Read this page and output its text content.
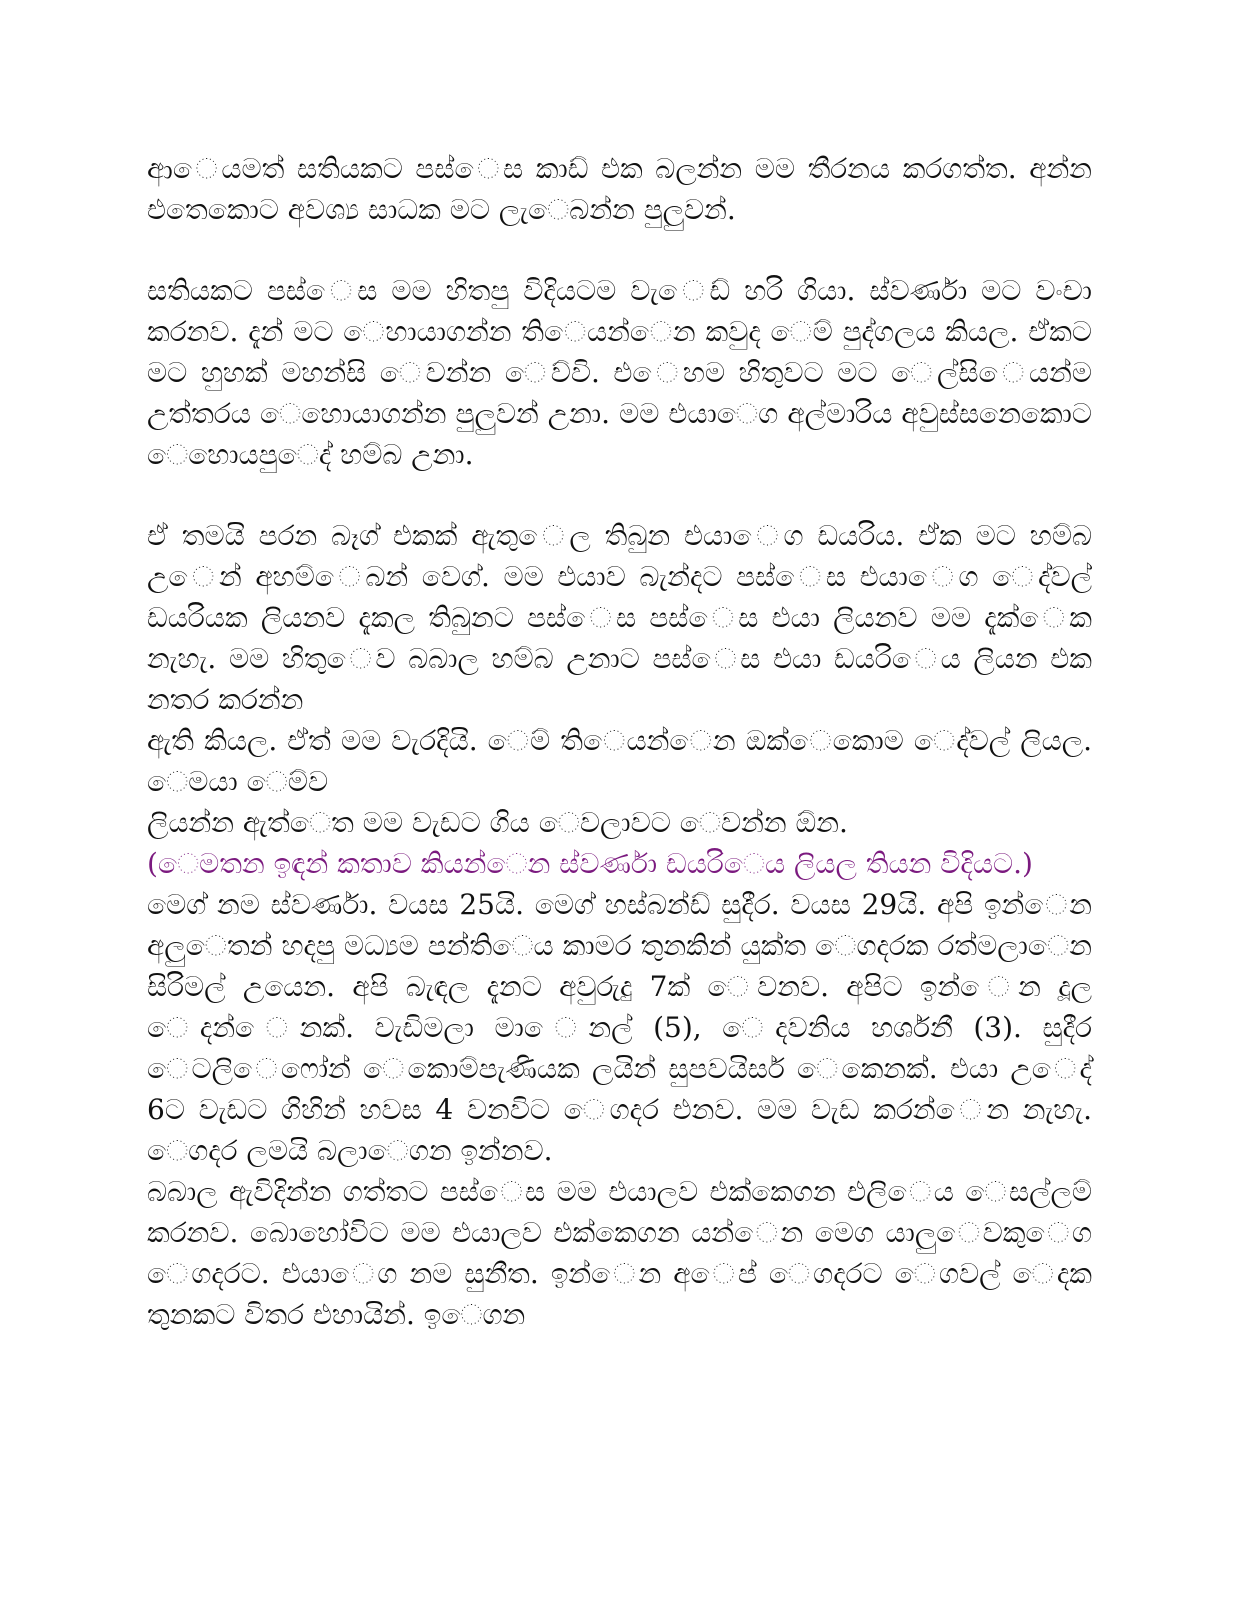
ආ◌ෙයමත් සතියකට පස්◌ෙස කාඩ් එක බලන්න මම තීරනය කරගත්ත. අන්න එතෙකොට අවශ්‍ය සාධක මට ලැ◌ෙබන්න පුලුවන්.

සතියකට පස්◌ෙස මම හිතපු විදියටම වැ◌ෙඩ් හරි ගියා. ස්වර්ණා මට වංචා කරනව. දැන් මට ◌ෙහායාගන්න ති◌ෙයන්◌ෙන කවුද ◌ෙම් පුද්ගලය කියල. ඒකට මට හුහක් මහන්සි ◌ෙවන්න ◌ෙව්වි. එ◌ෙහම හිතුවට මට ◌ෙල්සි◌ෙයන්ම උත්තරය ◌ෙහොයාගන්න පුලුවන් උනා. මම එයා◌ෙග අල්මාරිය අවුස්සනෙකොට ◌ෙහොයපු◌ෙද් හම්බ උනා.

ඒ තමයි පරන බෑග් එකක් ඇතු◌ෙල තිබුන එයා◌ෙග ඩයරිය. ඒක මට හම්බ උ◌ෙන් අහම්◌ෙබන් වෙග්. මම එයාව බැන්දට පස්◌ෙස එයා◌ෙග ◌ෙද්වල් ඩයරියක ලියනව දැකල තිබුනට පස්◌ෙස පස්◌ෙස එයා ලියනව මම දැක්◌ෙක නැහැ. මම හිතු◌ෙව බබාල හම්බ උනාට පස්◌ෙස එයා ඩයරි◌ෙය ලියන එක නතර කරන්න

ඇති කියල. ඒත් මම වැරදියි. ◌ෙම් ති◌ෙයන්◌ෙන ඔක්◌ෙකොම ◌ෙද්වල් ලියල. ◌ෙමයා ◌ෙම්ව

ලියන්න ඇත්◌ෙත මම වැඩට ගිය ◌ෙවලාවට ◌ෙවන්න ඕන.

(◌ෙමතන ඉඳන් කතාව කියන්◌ෙන ස්වර්ණා ඩයරි◌ෙය ලියල තියන විදියට.)

මෙග් නම ස්වර්ණා. වයස 25යි. මෙග් හස්බන්ඩ් සුදීර. වයස 29යි. අපි ඉන්◌ෙන අලු◌ෙතන් හදපු මධ්‍යම පන්ති◌ෙය කාමර තුනකින් යුක්ත ◌ෙගදරක රත්මලා◌ෙන සිරිමල් උයෙන. අපි බැඳල දැනට අවුරුදු 7ක් ◌ෙවනව. අපිට ඉන්◌ෙන දූල ◌ෙදන්◌ෙනක්. වැඩිමලා මා◌ෙනල් (5), ◌ෙදවනිය හර්ශනී (3). සුදීර ◌ෙටලි◌ෙෆෝන් ◌ෙකොම්පැණියක ලයින් සුපවයිසර් ◌ෙකෙනක්. එයා උ◌ෙද් 6ට වැඩට ගිහින් හවස 4 වනවිට ◌ෙගදර එනව. මම වැඩ කරන්◌ෙන නැහැ. ◌ෙගදර ලමයි බලා◌ෙගන ඉන්නව.

බබාල ඇවිදින්න ගත්තට පස්◌ෙස මම එයාලව එක්කෙගන එලි◌ෙය ◌ෙසල්ලම් කරනව. බොහෝවිට මම එයාලව එක්කෙගන යන්◌ෙන මෙග යාලු◌ෙවකු◌ෙග ◌ෙගදරට. එයා◌ෙග නම සුනීත. ඉන්◌ෙන අ◌ෙප් ◌ෙගදරට ◌ෙගවල් ◌ෙදක තුනකට විතර එහායින්. ඉ◌ෙගන
